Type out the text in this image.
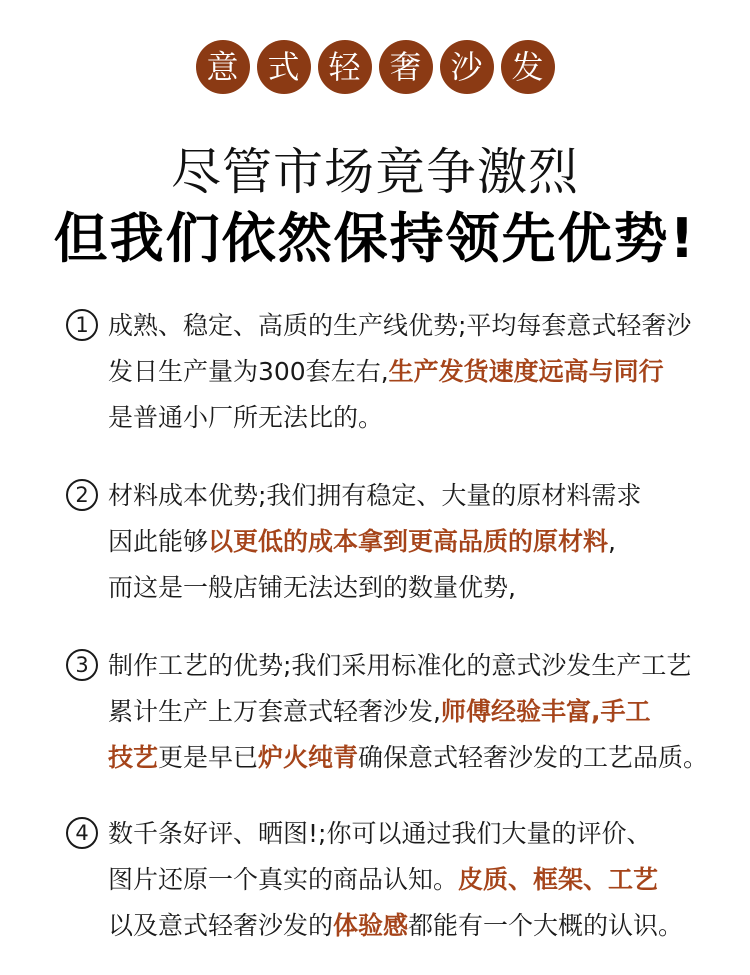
意 式 轻 奢 沙 发
尽管市场竟争激烈
但我们依然保持领先优势!
1 成熟、稳定、高质的生产线优势;平均每套意式轻奢沙
发日生产量为300套左右,生产发货速度远高与同行
是普通小厂所无法比的。
2 材料成本优势;我们拥有稳定、大量的原材料需求
因此能够以更低的成本拿到更高品质的原材料,
而这是一般店铺无法达到的数量优势,
3 制作工艺的优势;我们采用标准化的意式沙发生产工艺
累计生产上万套意式轻奢沙发,师傅经验丰富,手工
技艺更是早已炉火纯青确保意式轻奢沙发的工艺品质。
4 数千条好评、晒图!;你可以通过我们大量的评价、
图片还原一个真实的商品认知。皮质、框架、工艺
以及意式轻奢沙发的体验感都能有一个大概的认识。
